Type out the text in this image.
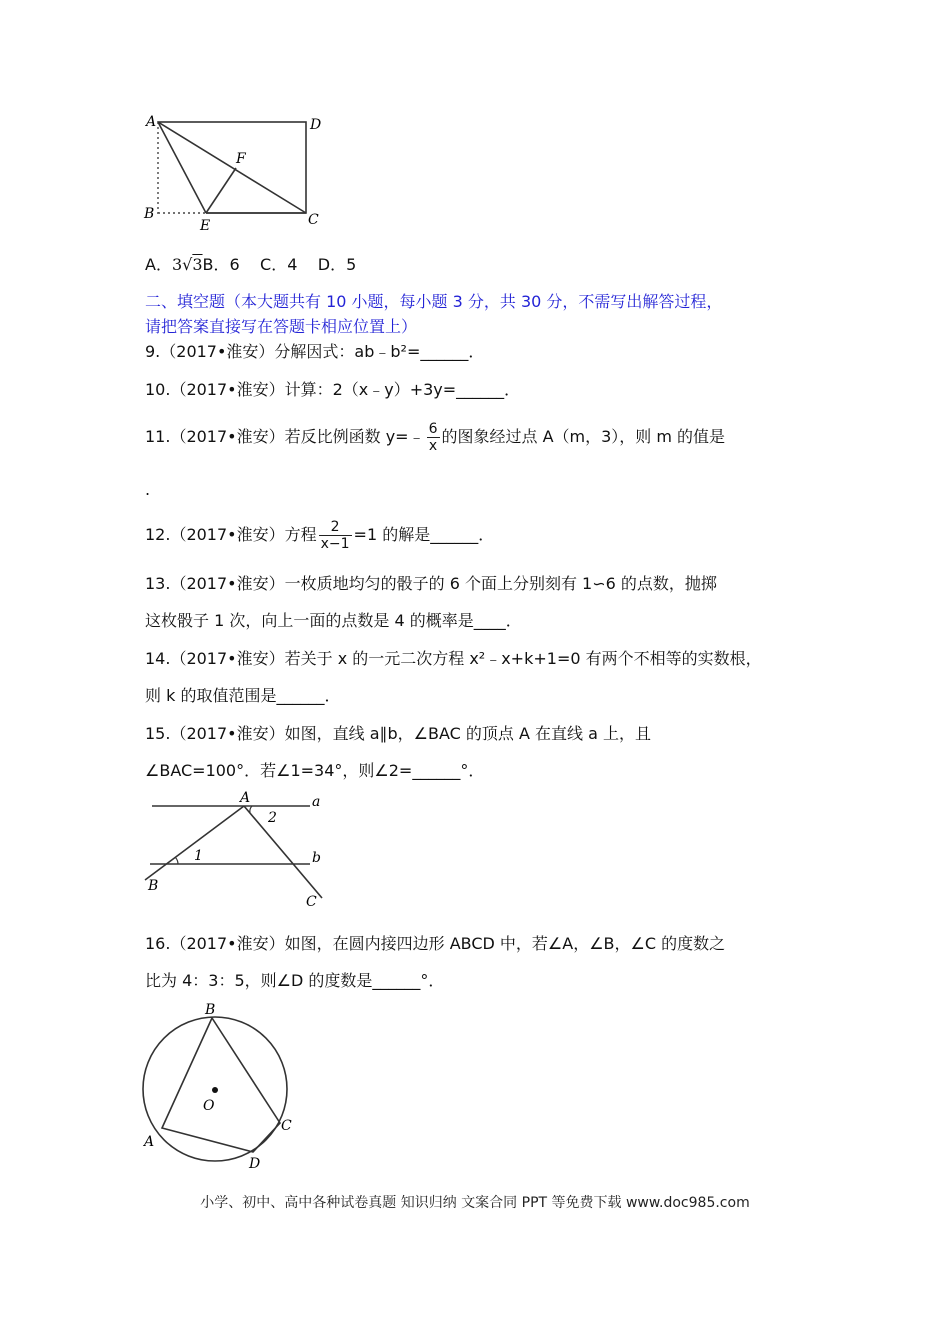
A	D
F
B	C
E
A．3√3B．6 C．4 D．5
二、填空题（本大题共有 10 小题，每小题 3 分，共 30 分，不需写出解答过程，
请把答案直接写在答题卡相应位置上）
9.（2017•淮安）分解因式：ab﹣b²=______．
10.（2017•淮安）计算：2（x﹣y）+3y=______．
11.（2017•淮安）若反比例函数 y=﹣ $\frac{6}{x}$ 的图象经过点 A（m，3），则 m 的值是
.
12.（2017•淮安）方程 $\frac{2}{x-1} =1$ 的解是______．
13.（2017•淮安）一枚质地均匀的骰子的 6 个面上分别刻有 1∽6 的点数，抛掷
这枚骰子 1 次，向上一面的点数是 4 的概率是____．
14.（2017•淮安）若关于 x 的一元二次方程 x²﹣x+k+1=0 有两个不相等的实数根，
则 k 的取值范围是______．
15.（2017•淮安）如图，直线 a∥b，∠BAC 的顶点 A 在直线 a 上，且
∠BAC=100°．若∠1=34°，则∠2=______°．
A	a
2
1	b
B
C
16.（2017•淮安）如图，在圆内接四边形 ABCD 中，若∠A，∠B，∠C 的度数之
比为 4：3：5，则∠D 的度数是______°．
B
A
D
C
O
小学、初中、高中各种试卷真题 知识归纳 文案合同 PPT 等免费下载 www.doc985.com
